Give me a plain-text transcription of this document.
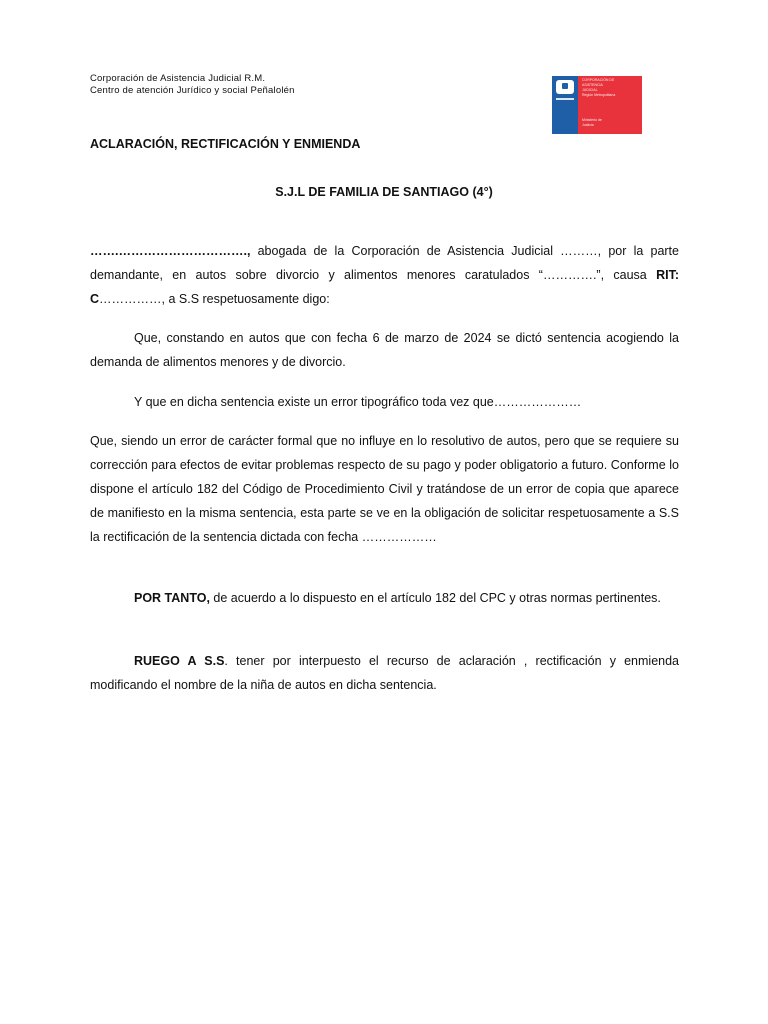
Corporación de Asistencia Judicial R.M.
Centro de atención Jurídico y social Peñalolén
CORPORACIÓN DE
ASISTENCIA
JUDICIAL
Región Metropolitana
Ministerio de
Justicia
ACLARACIÓN, RECTIFICACIÓN Y ENMIENDA
S.J.L DE FAMILIA DE SANTIAGO (4°)
…….…………………………., abogada de la Corporación de Asistencia Judicial ………, por la parte demandante, en autos sobre divorcio y alimentos menores caratulados “………….”, causa RIT: C……………, a S.S respetuosamente digo:
Que, constando en autos que con fecha 6 de marzo de 2024 se dictó sentencia acogiendo la demanda de alimentos menores y de divorcio.
Y que en dicha sentencia existe un error tipográfico toda vez que…………………
Que, siendo un error de carácter formal que no influye en lo resolutivo de autos, pero que se requiere su corrección para efectos de evitar problemas respecto de su pago y poder obligatorio a futuro. Conforme lo dispone el artículo 182 del Código de Procedimiento Civil y tratándose de un error de copia que aparece de manifiesto en la misma sentencia, esta parte se ve en la obligación de solicitar respetuosamente a S.S la rectificación de la sentencia dictada con fecha ………………
POR TANTO, de acuerdo a lo dispuesto en el artículo 182 del CPC y otras normas pertinentes.
RUEGO A S.S. tener por interpuesto el recurso de aclaración , rectificación y enmienda modificando el nombre de la niña de autos en dicha sentencia.
